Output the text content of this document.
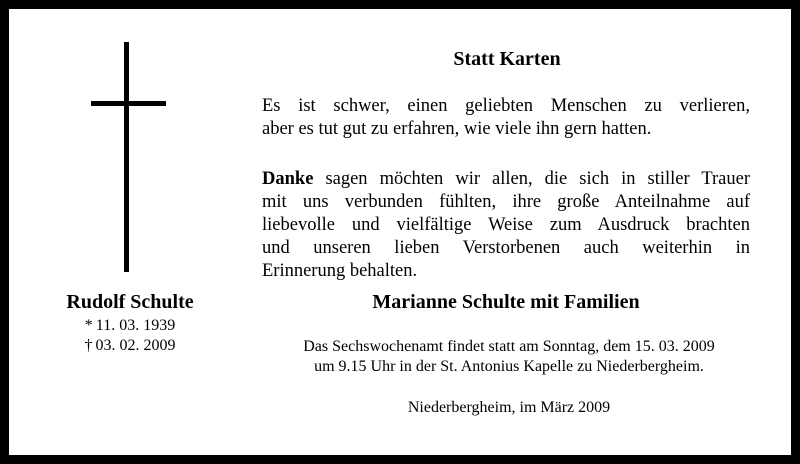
Rudolf Schulte
* 11. 03. 1939
† 03. 02. 2009
Statt Karten
Es ist schwer, einen geliebten Menschen zu verlieren,
aber es tut gut zu erfahren, wie viele ihn gern hatten.
Danke sagen möchten wir allen, die sich in stiller Trauer
mit uns verbunden fühlten, ihre große Anteilnahme auf
liebevolle und vielfältige Weise zum Ausdruck brachten
und unseren lieben Verstorbenen auch weiterhin in
Erinnerung behalten.
Marianne Schulte mit Familien
Das Sechswochenamt findet statt am Sonntag, dem 15. 03. 2009
um 9.15 Uhr in der St. Antonius Kapelle zu Niederbergheim.
Niederbergheim, im März 2009
